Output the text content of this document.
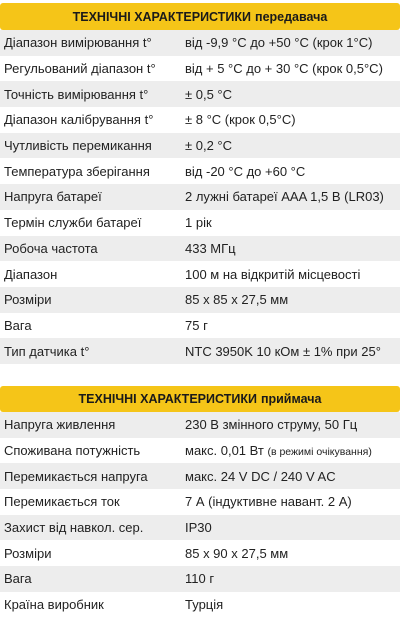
ТЕХНІЧНІ ХАРАКТЕРИСТИКИ передавача
Діапазон вимірювання t°	від -9,9 °C до +50 °C (крок 1°C)
Регульований діапазон t°	від + 5 °C до + 30 °C (крок 0,5°C)
Точність вимірювання t°	± 0,5 °C
Діапазон калібрування t°	± 8 °C (крок 0,5°C)
Чутливість перемикання	± 0,2 °C
Температура зберігання	від -20 °C до +60 °C
Напруга батареї	2 лужні батареї AAA 1,5 В (LR03)
Термін служби батареї	1 рік
Робоча частота	433 МГц
Діапазон	100 м на відкритій місцевості
Розміри	85 x 85 x 27,5 мм
Вага	75 г
Тип датчика t°	NTC 3950K 10 кОм ± 1% при 25°
ТЕХНІЧНІ ХАРАКТЕРИСТИКИ приймача
Напруга живлення	230 В змінного струму, 50 Гц
Споживана потужність	макс. 0,01 Вт (в режимі очікування)
Перемикається напруга	макс. 24 V DC / 240 V AC
Перемикається ток	7 А (індуктивне навант. 2 А)
Захист від навкол. сер.	IP30
Розміри	85 x 90 x 27,5 мм
Вага	110 г
Країна виробник	Турція
